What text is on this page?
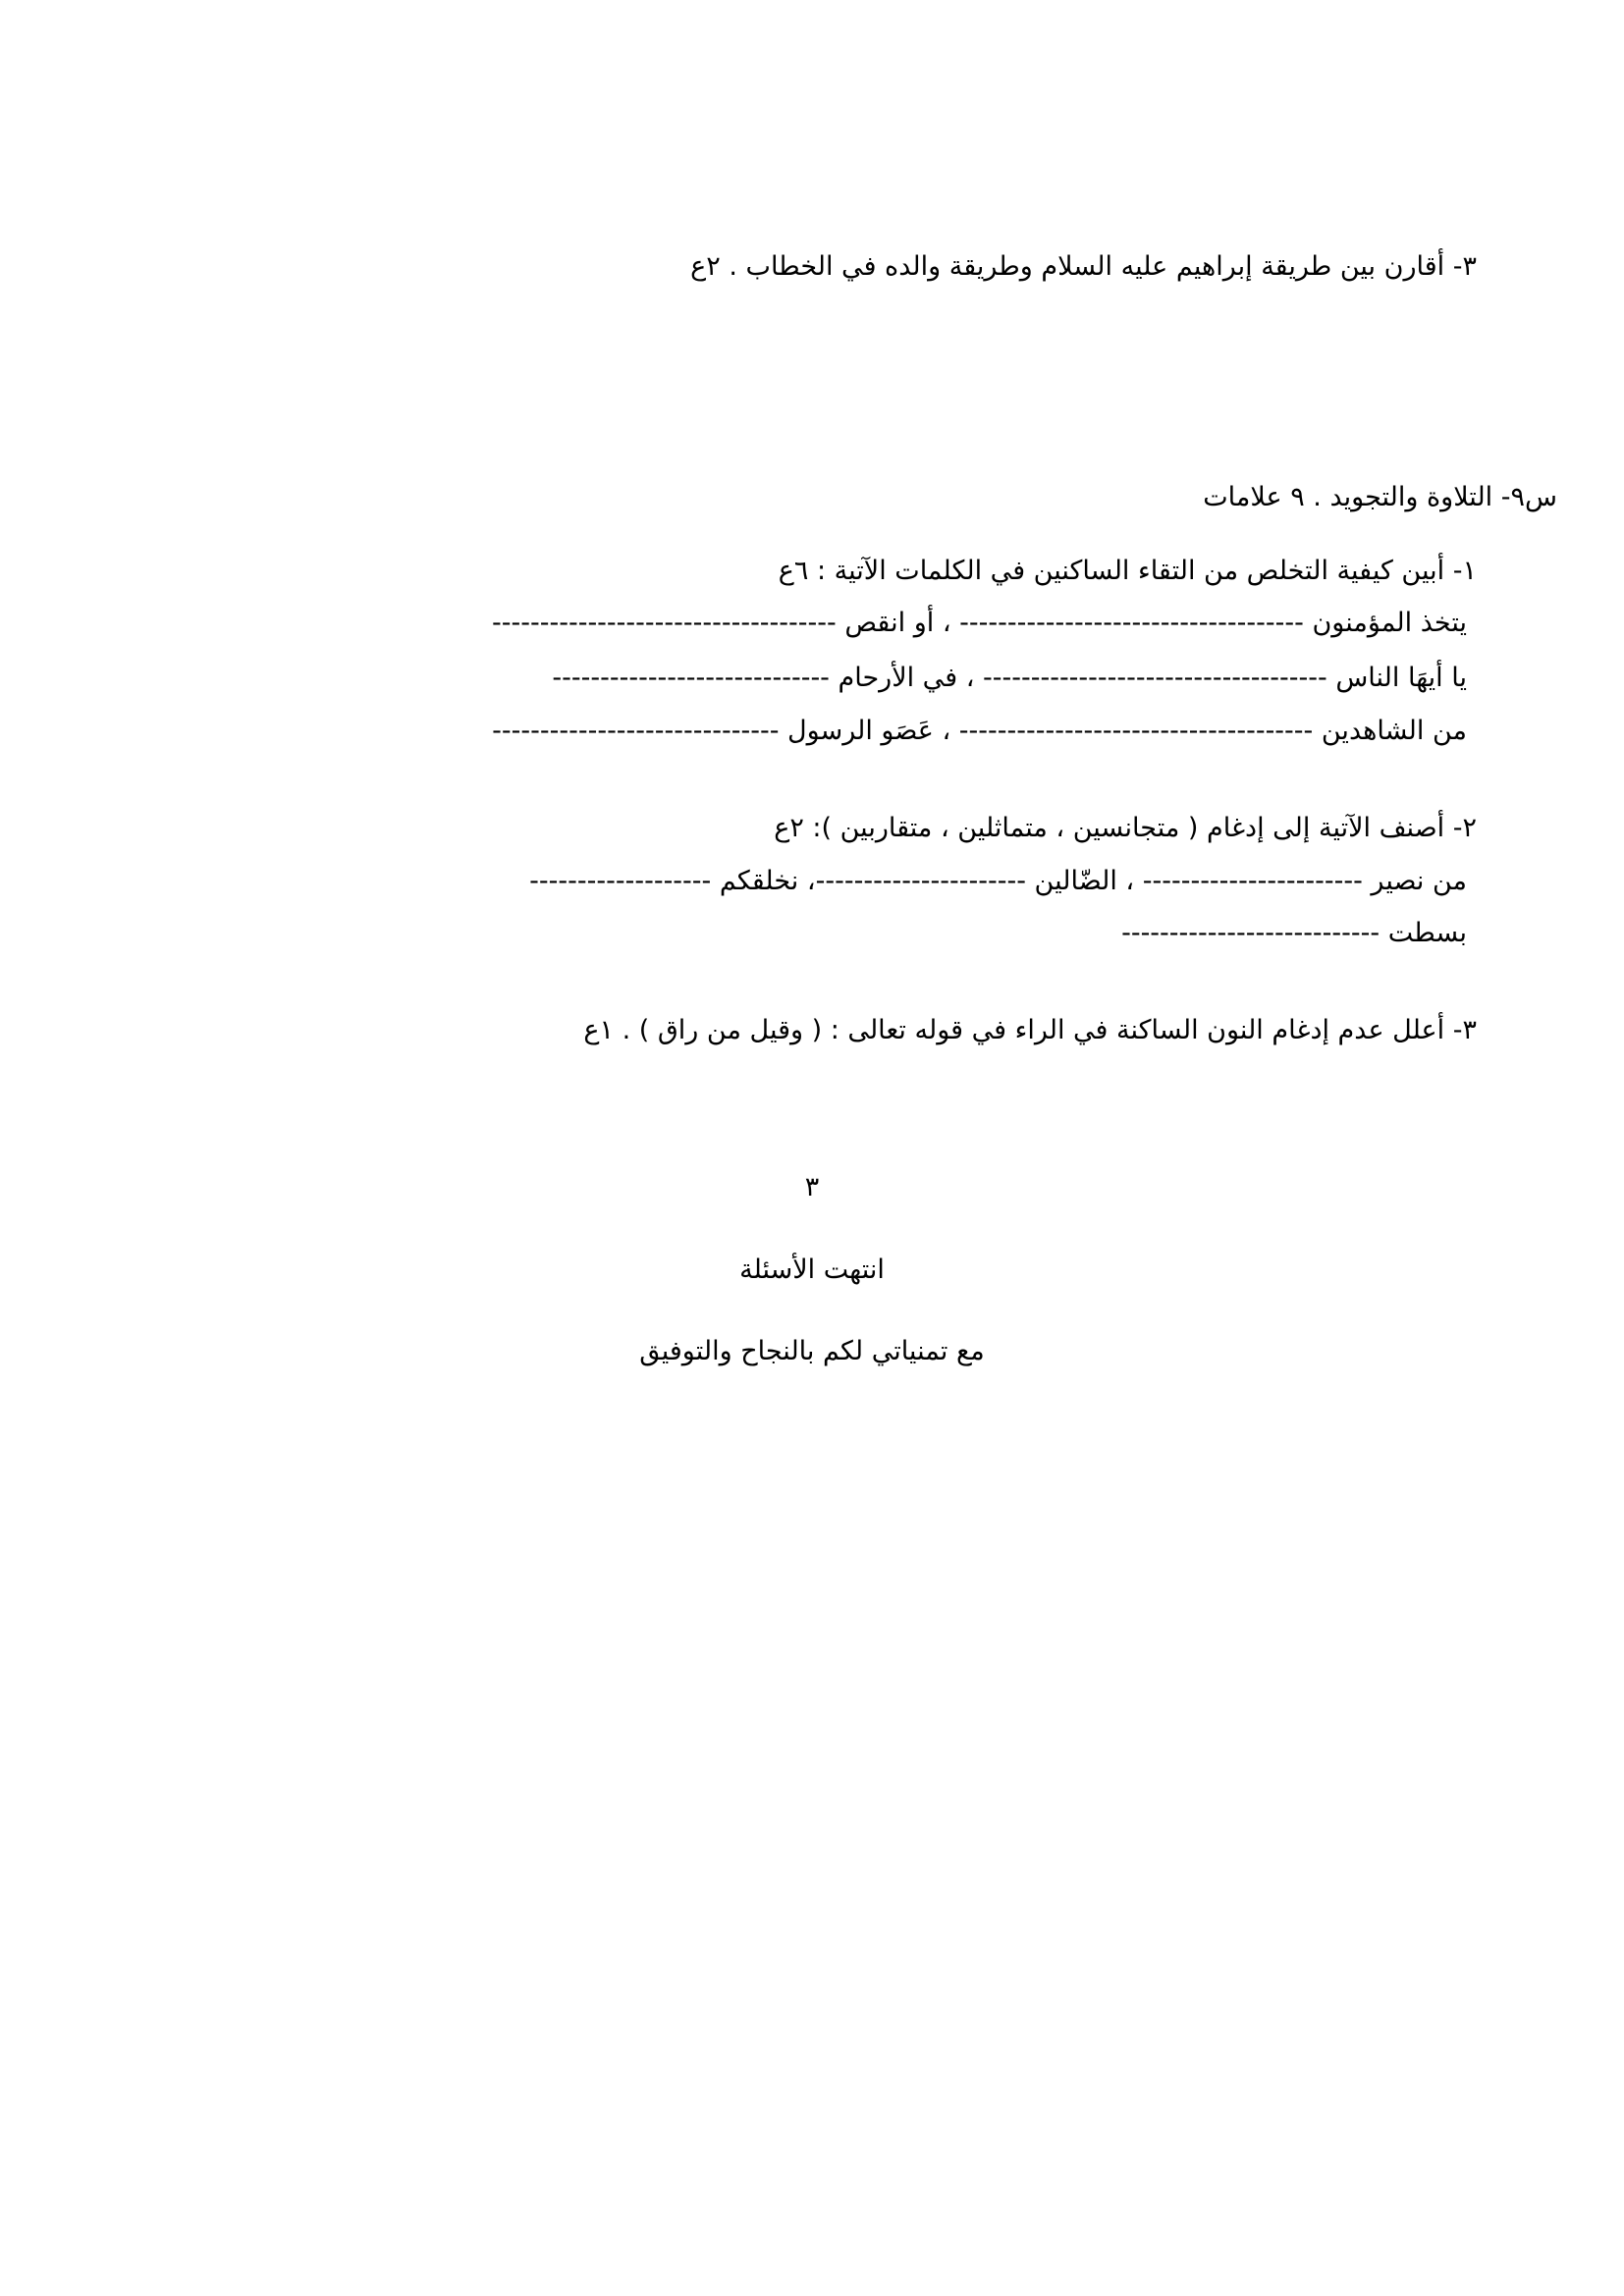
٣- أقارن بين طريقة إبراهيم عليه السلام وطريقة والده في الخطاب . ٢ع
س٩- التلاوة والتجويد . ٩ علامات
١- أبين كيفية التخلص من التقاء الساكنين في الكلمات الآتية : ٦ع
يتخذ المؤمنون ------------------------------------ ، أو انقص ------------------------------------
يا أيهَا الناس ------------------------------------ ، في الأرحام -----------------------------
من الشاهدين ------------------------------------- ، عَصَو الرسول ------------------------------
٢- أصنف الآتية إلى إدغام ( متجانسين ، متماثلين ، متقاربين ): ٢ع
من نصير ----------------------- ، الضّالين ----------------------، نخلقكم -------------------
بسطت ---------------------------
٣- أعلل عدم إدغام النون الساكنة في الراء في قوله تعالى : ( وقيل من راق ) . ١ع
٣
انتهت الأسئلة
مع تمنياتي لكم بالنجاح والتوفيق
